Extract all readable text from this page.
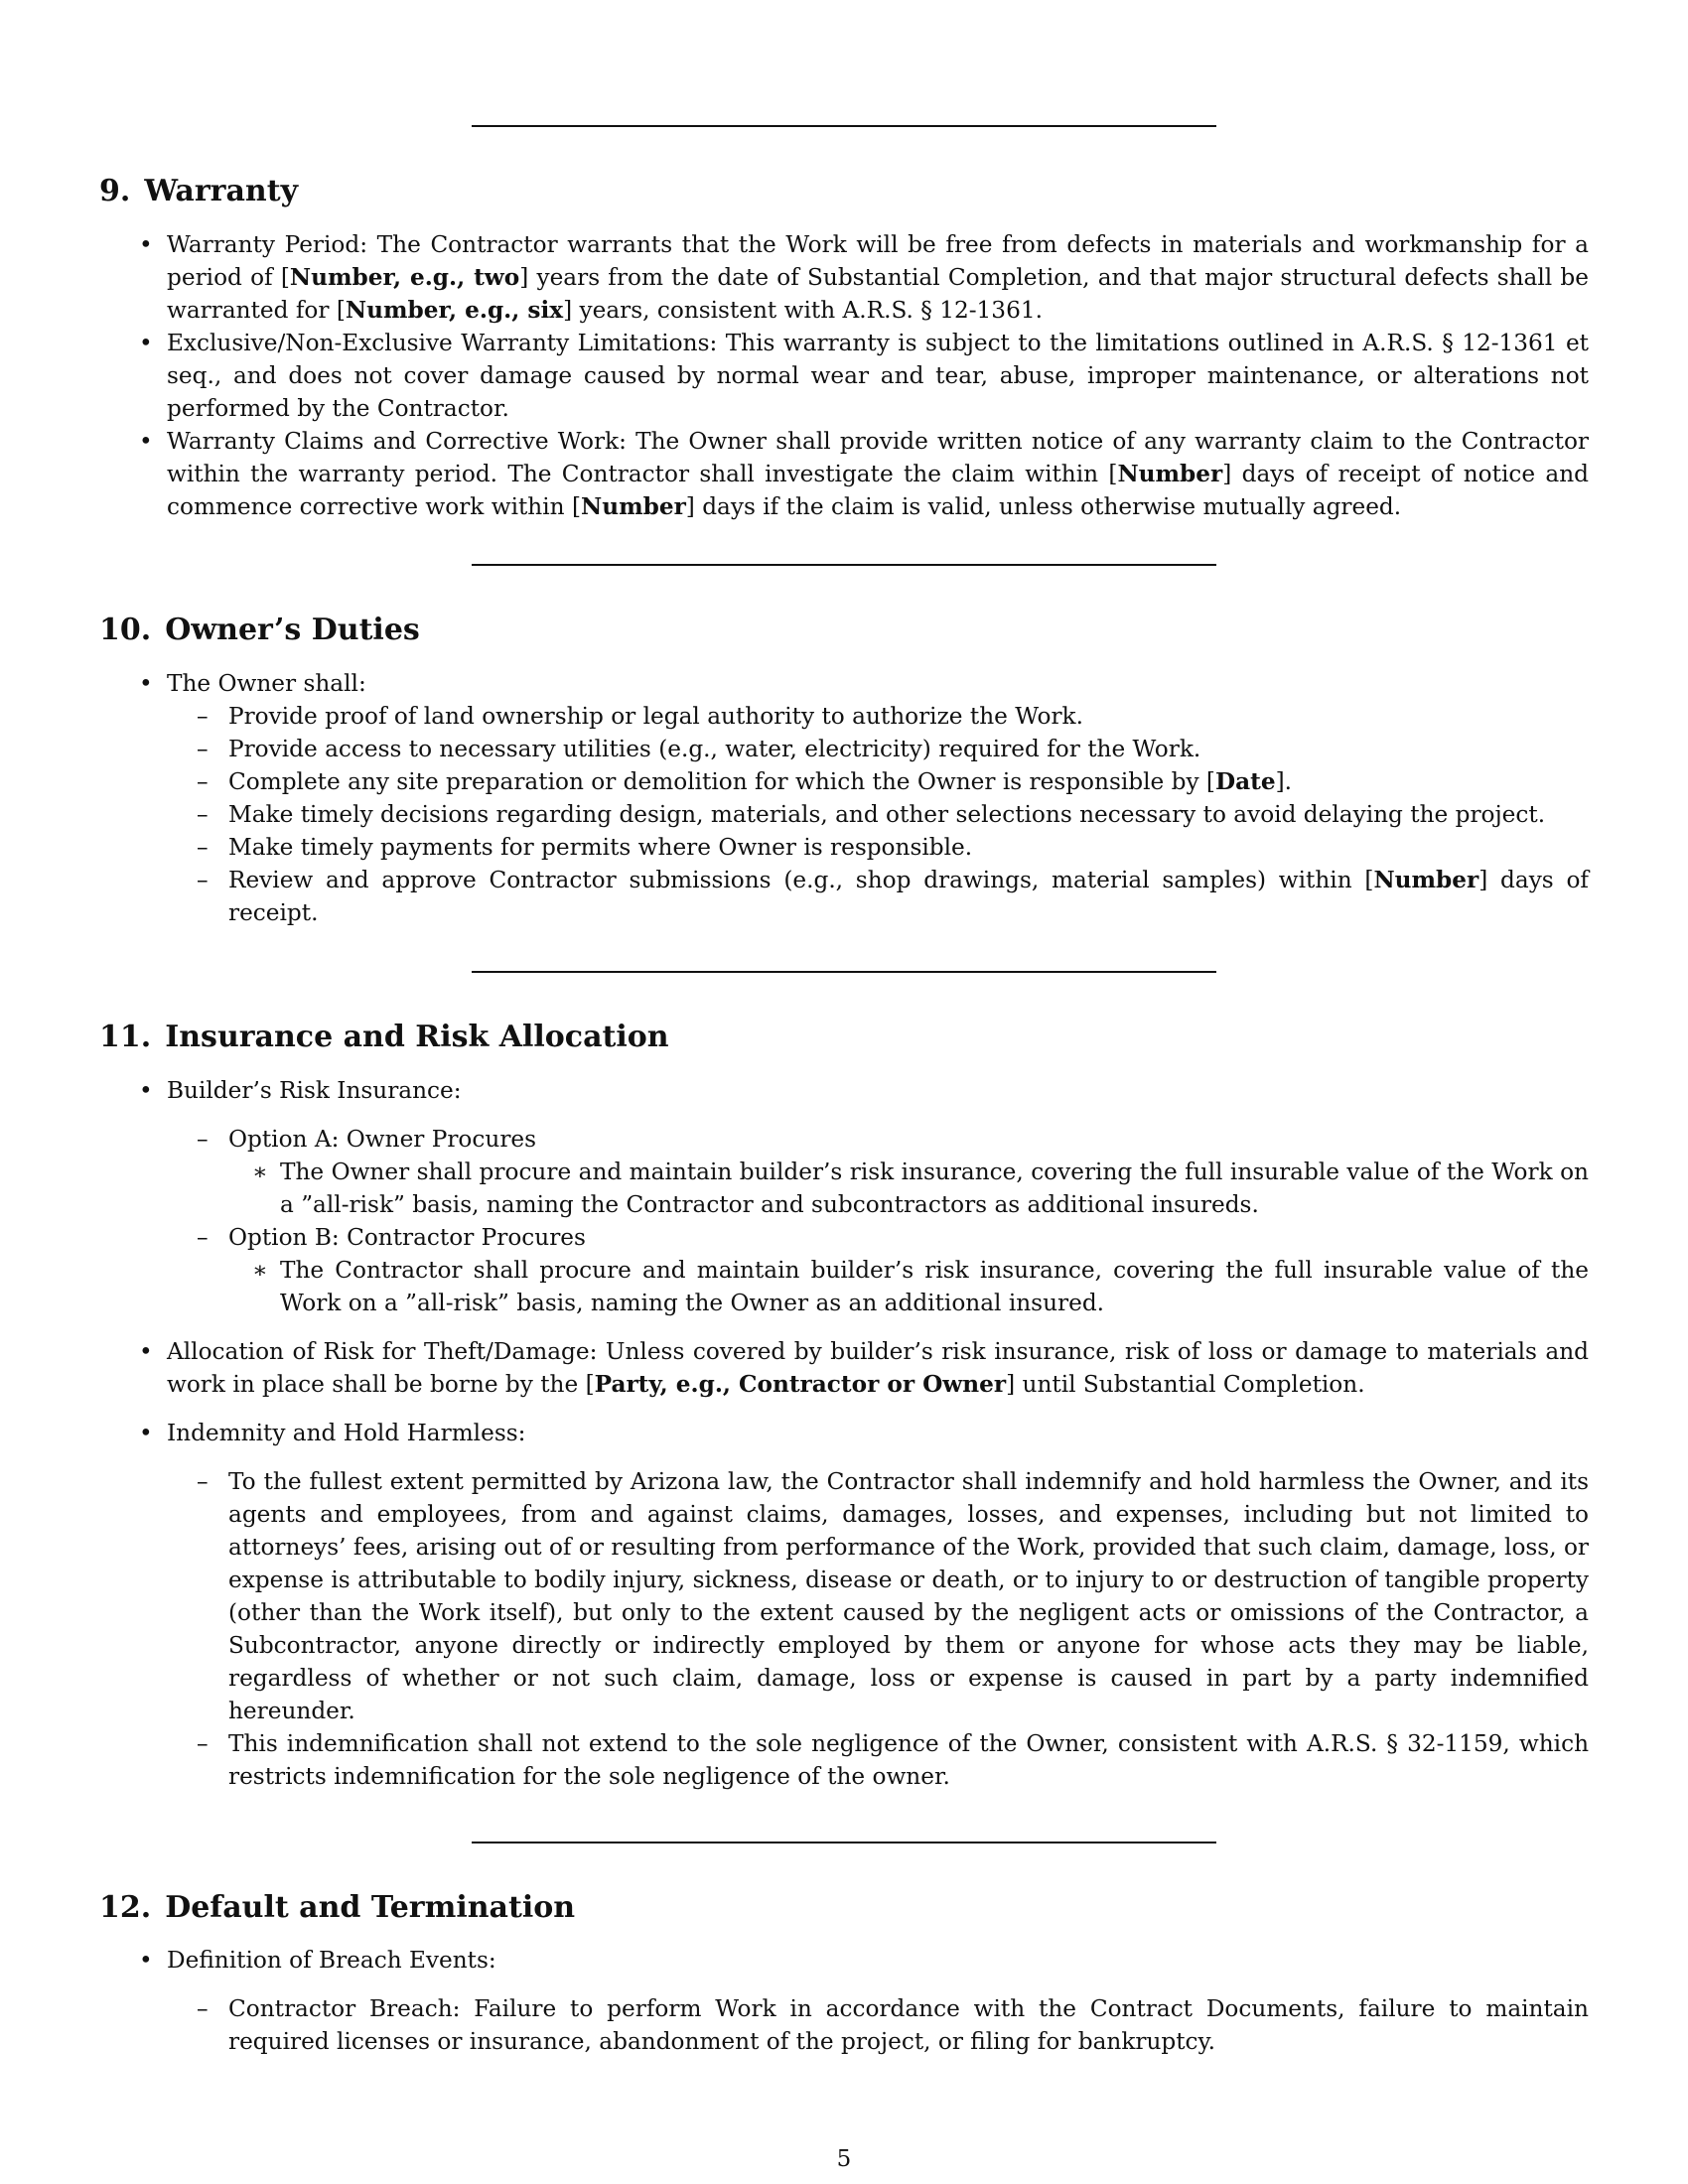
9. Warranty
• Warranty Period: The Contractor warrants that the Work will be free from defects in materials and workmanship for a period of [Number, e.g., two] years from the date of Substantial Completion, and that major structural defects shall be warranted for [Number, e.g., six] years, consistent with A.R.S. § 12-1361.
• Exclusive/Non-Exclusive Warranty Limitations: This warranty is subject to the limitations outlined in A.R.S. § 12-1361 et seq., and does not cover damage caused by normal wear and tear, abuse, improper maintenance, or alterations not performed by the Contractor.
• Warranty Claims and Corrective Work: The Owner shall provide written notice of any warranty claim to the Contractor within the warranty period. The Contractor shall investigate the claim within [Number] days of receipt of notice and commence corrective work within [Number] days if the claim is valid, unless otherwise mutually agreed.
10. Owner’s Duties
• The Owner shall:
– Provide proof of land ownership or legal authority to authorize the Work.
– Provide access to necessary utilities (e.g., water, electricity) required for the Work.
– Complete any site preparation or demolition for which the Owner is responsible by [Date].
– Make timely decisions regarding design, materials, and other selections necessary to avoid delaying the project.
– Make timely payments for permits where Owner is responsible.
– Review and approve Contractor submissions (e.g., shop drawings, material samples) within [Number] days of receipt.
11. Insurance and Risk Allocation
• Builder’s Risk Insurance:
– Option A: Owner Procures
∗ The Owner shall procure and maintain builder’s risk insurance, covering the full insurable value of the Work on a ”all-risk” basis, naming the Contractor and subcontractors as additional insureds.
– Option B: Contractor Procures
∗ The Contractor shall procure and maintain builder’s risk insurance, covering the full insurable value of the Work on a ”all-risk” basis, naming the Owner as an additional insured.
• Allocation of Risk for Theft/Damage: Unless covered by builder’s risk insurance, risk of loss or damage to materials and work in place shall be borne by the [Party, e.g., Contractor or Owner] until Substantial Completion.
• Indemnity and Hold Harmless:
– To the fullest extent permitted by Arizona law, the Contractor shall indemnify and hold harmless the Owner, and its agents and employees, from and against claims, damages, losses, and expenses, including but not limited to attorneys’ fees, arising out of or resulting from performance of the Work, provided that such claim, damage, loss, or expense is attributable to bodily injury, sickness, disease or death, or to injury to or destruction of tangible property (other than the Work itself), but only to the extent caused by the negligent acts or omissions of the Contractor, a Subcontractor, anyone directly or indirectly employed by them or anyone for whose acts they may be liable, regardless of whether or not such claim, damage, loss or expense is caused in part by a party indemnified hereunder.
– This indemnification shall not extend to the sole negligence of the Owner, consistent with A.R.S. § 32-1159, which restricts indemnification for the sole negligence of the owner.
12. Default and Termination
• Definition of Breach Events:
– Contractor Breach: Failure to perform Work in accordance with the Contract Documents, failure to maintain required licenses or insurance, abandonment of the project, or filing for bankruptcy.
5
